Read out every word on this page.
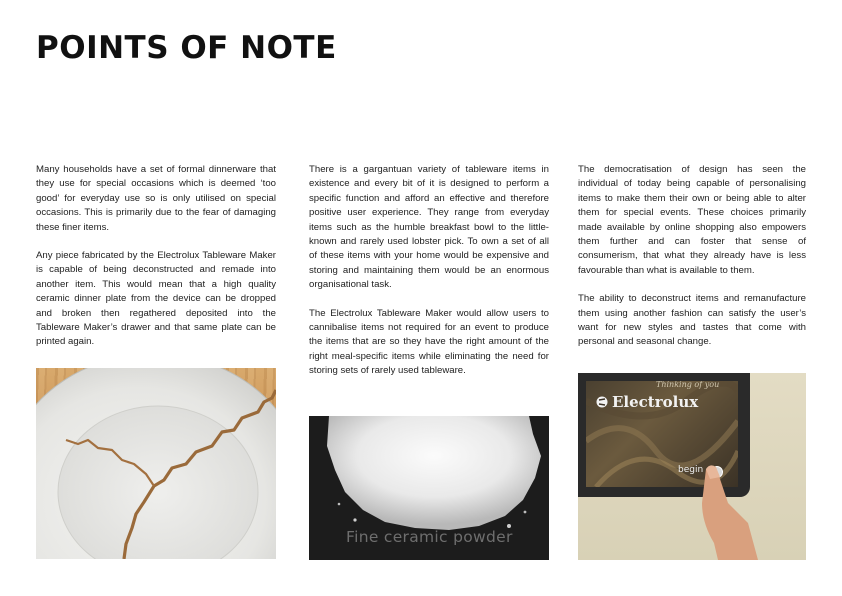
POINTS OF NOTE

Many households have a set of formal dinnerware that they use for special occasions which is deemed ‘too good’ for everyday use so is only utilised on special occasions. This is primarily due to the fear of damaging these finer items.

Any piece fabricated by the Electrolux Tableware Maker is capable of being deconstructed and remade into another item. This would mean that a high quality ceramic dinner plate from the device can be dropped and broken then regathered deposited into the Tableware Maker’s drawer and that same plate can be printed again.

There is a gargantuan variety of tableware items in existence and every bit of it is designed to perform a specific function and afford an effective and therefore positive user experience. They range from everyday items such as the humble breakfast bowl to the little-known and rarely used lobster pick. To own a set of all of these items with your home would be expensive and storing and maintaining them would be an enormous organisational task.

The Electrolux Tableware Maker would allow users to cannibalise items not required for an event to produce the items that are so they have the right amount of the right meal-specific items while eliminating the need for storing sets of rarely used tableware.

The democratisation of design has seen the individual of today being capable of personalising items to make them their own or being able to alter them for special events. These choices primarily made available by online shopping also empowers them further and can foster that sense of consumerism, that what they already have is less favourable than what is available to them.

The ability to deconstruct items and remanufacture them using another fashion can satisfy the user’s want for new styles and tastes that come with personal and seasonal change.

Fine ceramic powder
Thinking of you
Electrolux
begin
